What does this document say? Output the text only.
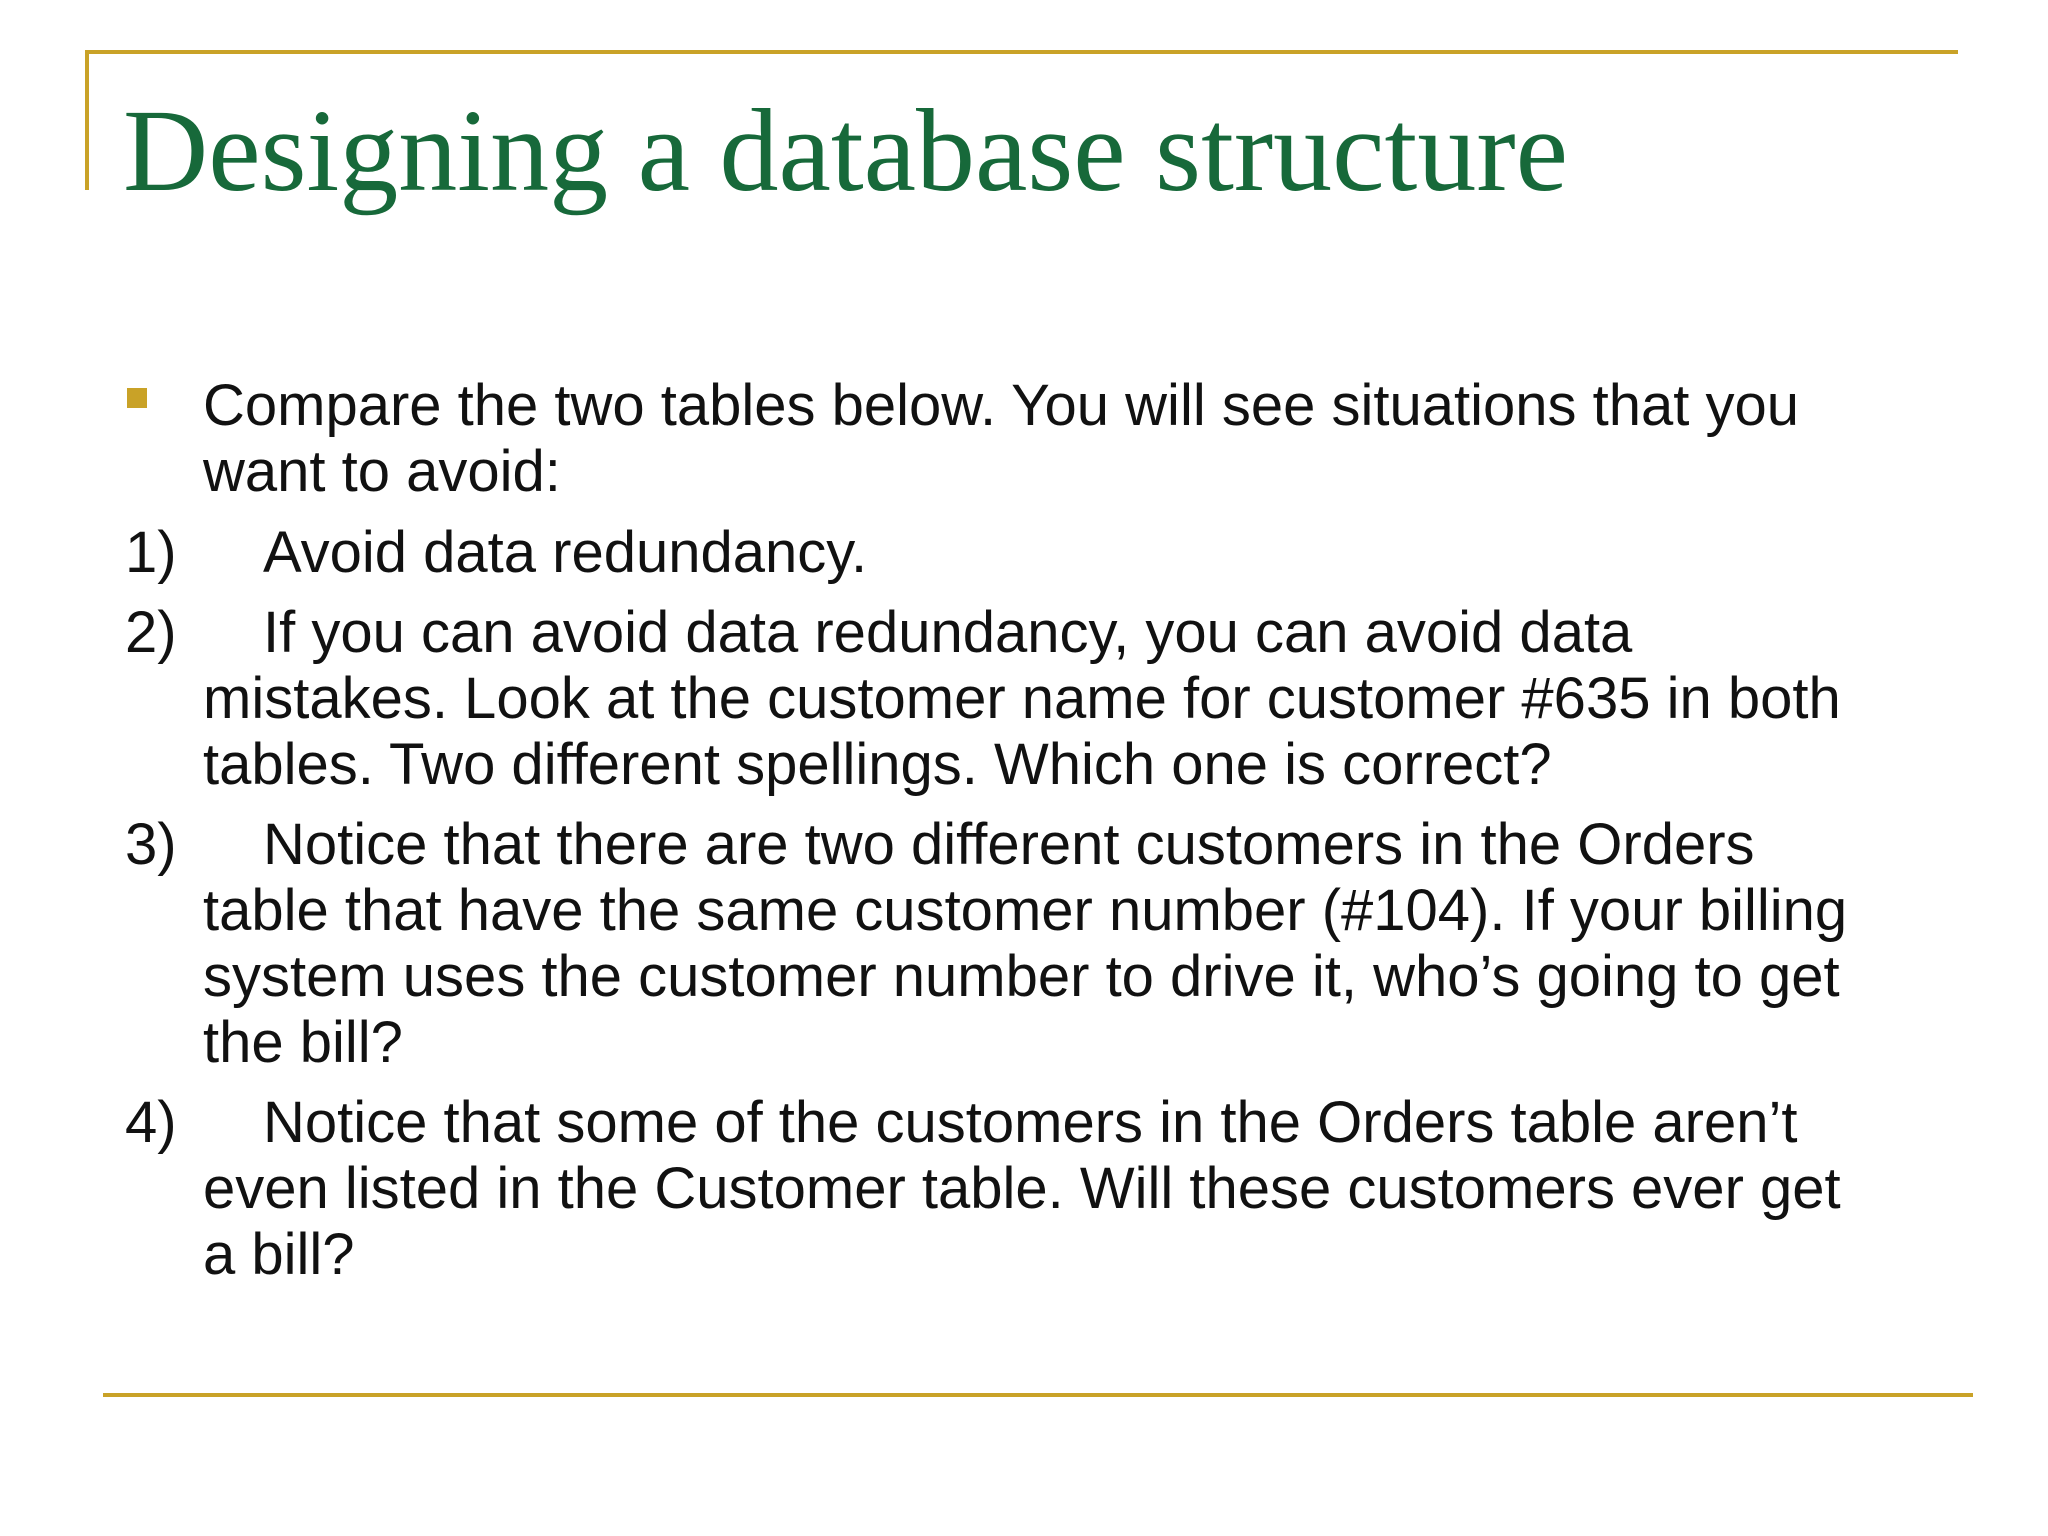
Designing a database structure
Compare the two tables below. You will see situations that you
want to avoid:
1) Avoid data redundancy.
2) If you can avoid data redundancy, you can avoid data
mistakes. Look at the customer name for customer #635 in both
tables. Two different spellings. Which one is correct?
3) Notice that there are two different customers in the Orders
table that have the same customer number (#104). If your billing
system uses the customer number to drive it, who’s going to get
the bill?
4) Notice that some of the customers in the Orders table aren’t
even listed in the Customer table. Will these customers ever get
a bill?
